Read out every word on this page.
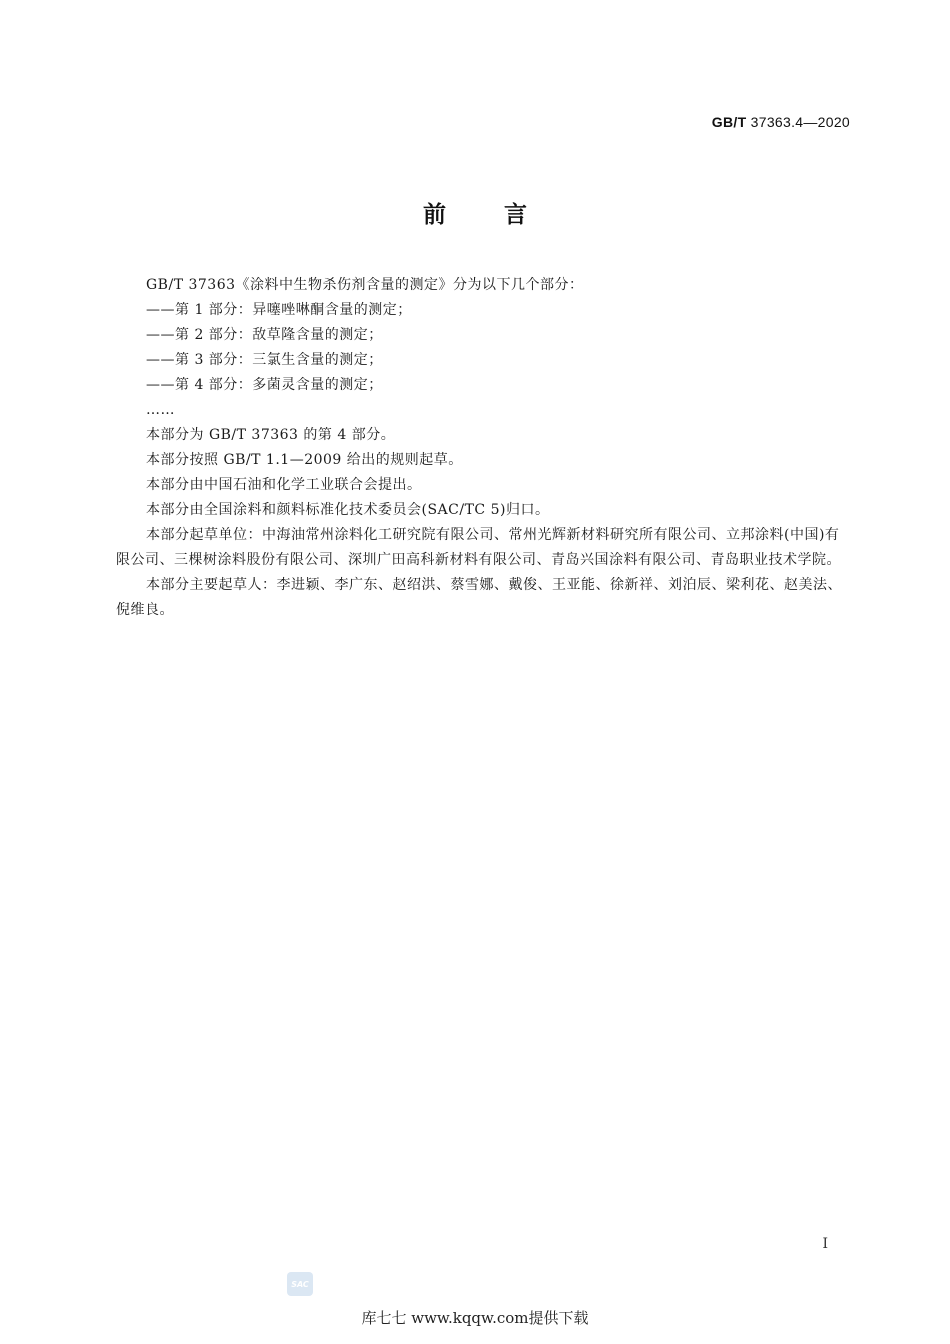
GB/T 37363.4—2020
前	言

GB/T 37363《涂料中生物杀伤剂含量的测定》分为以下几个部分：

——第 1 部分：异噻唑啉酮含量的测定；

——第 2 部分：敌草隆含量的测定；

——第 3 部分：三氯生含量的测定；

——第 4 部分：多菌灵含量的测定；

……

本部分为 GB/T 37363 的第 4 部分。

本部分按照 GB/T 1.1—2009 给出的规则起草。

本部分由中国石油和化学工业联合会提出。

本部分由全国涂料和颜料标准化技术委员会(SAC/TC 5)归口。

本部分起草单位：中海油常州涂料化工研究院有限公司、常州光辉新材料研究所有限公司、立邦涂料(中国)有限公司、三棵树涂料股份有限公司、深圳广田高科新材料有限公司、青岛兴国涂料有限公司、青岛职业技术学院。

本部分主要起草人：李进颖、李广东、赵绍洪、蔡雪娜、戴俊、王亚能、徐新祥、刘泊辰、梁利花、赵美法、倪维良。

I
SAC
库七七 www.kqqw.com提供下载
